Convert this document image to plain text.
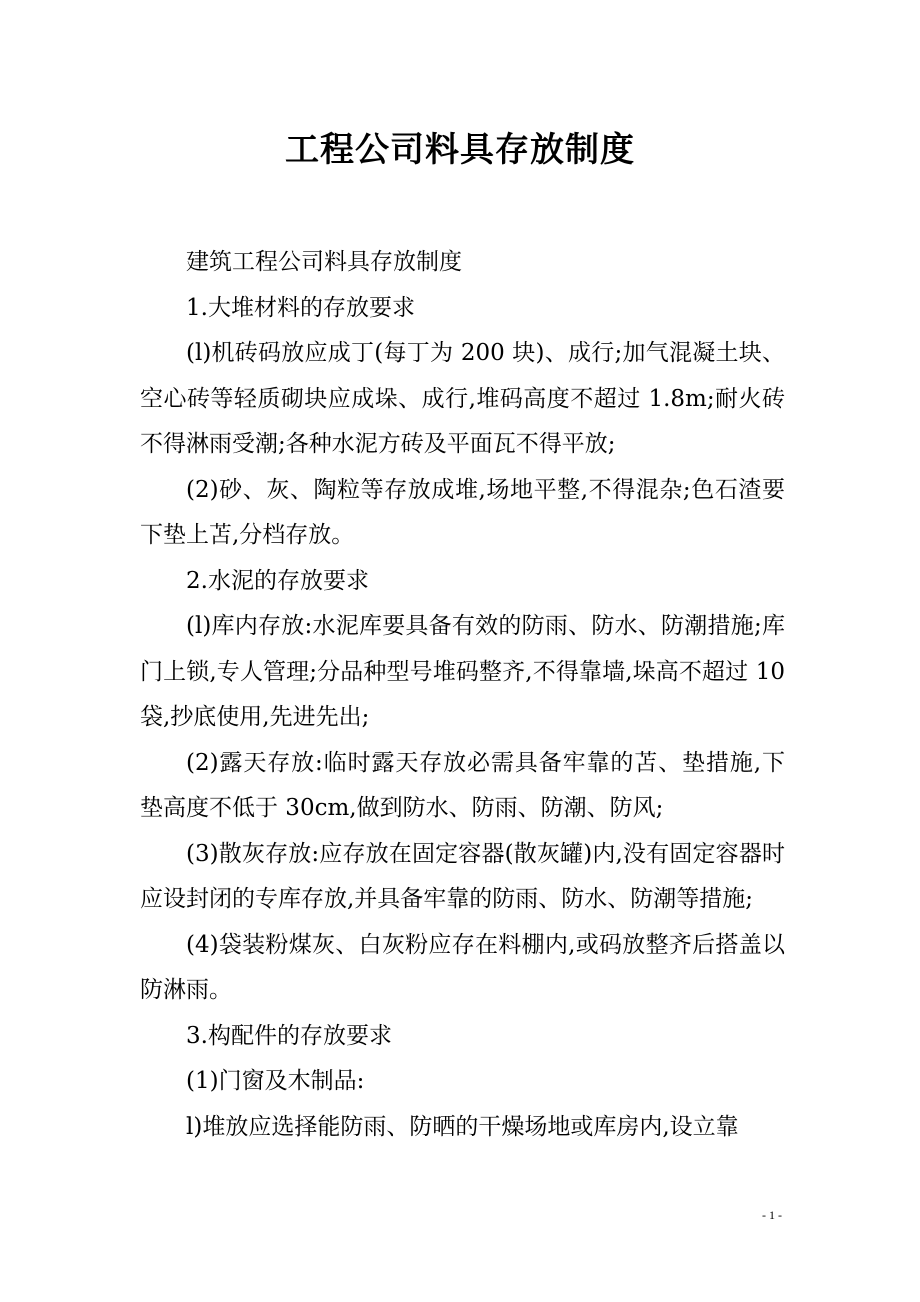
工程公司料具存放制度

建筑工程公司料具存放制度

1.大堆材料的存放要求

(l)机砖码放应成丁(每丁为 200 块)、成行;加气混凝土块、空心砖等轻质砌块应成垛、成行,堆码高度不超过 1.8m;耐火砖不得淋雨受潮;各种水泥方砖及平面瓦不得平放;

(2)砂、灰、陶粒等存放成堆,场地平整,不得混杂;色石渣要下垫上苫,分档存放。

2.水泥的存放要求

(l)库内存放:水泥库要具备有效的防雨、防水、防潮措施;库门上锁,专人管理;分品种型号堆码整齐,不得靠墙,垛高不超过 10 袋,抄底使用,先进先出;

(2)露天存放:临时露天存放必需具备牢靠的苫、垫措施,下垫高度不低于 30cm,做到防水、防雨、防潮、防风;

(3)散灰存放:应存放在固定容器(散灰罐)内,没有固定容器时应设封闭的专库存放,并具备牢靠的防雨、防水、防潮等措施;

(4)袋装粉煤灰、白灰粉应存在料棚内,或码放整齐后搭盖以防淋雨。

3.构配件的存放要求

(1)门窗及木制品:

l)堆放应选择能防雨、防晒的干燥场地或库房内,设立靠

- 1 -
